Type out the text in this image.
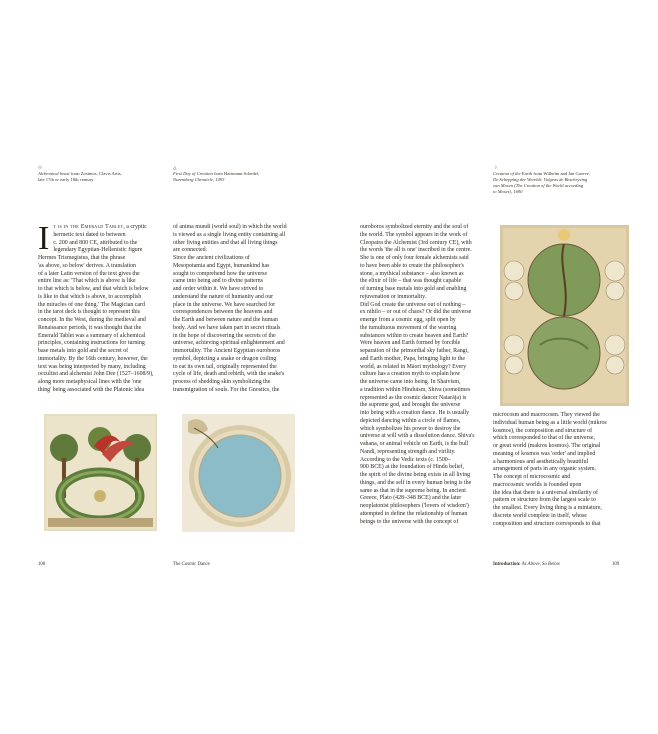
☉
Alchemical beast from Zosimos, Clavis Artis,
late 17th or early 18th century
△
First Day of Creation from Hartmann Schedel,
Nuremberg Chronicle, 1493
☽
Creation of the Earth from Wilhelm and Jan Goeree,
De Schepping der Wereldt: Volgens de Beschryving
van Mosen (The Creation of the World according
to Moses), 1690
I t is in the Emerald Tablet, a cryptic
hermetic text dated to between
c. 200 and 800 CE, attributed to the
legendary Egyptian-Hellenistic figure
Hermes Trismegistus, that the phrase
'as above, so below' derives. A translation
of a later Latin version of the text gives the
entire line as: 'That which is above is like
to that which is below, and that which is below
is like to that which is above, to accomplish
the miracles of one thing.' The Magician card
in the tarot deck is thought to represent this
concept. In the West, during the medieval and
Renaissance periods, it was thought that the
Emerald Tablet was a summary of alchemical
principles, containing instructions for turning
base metals into gold and the secret of
immortality. By the 16th century, however, the
text was being interpreted by many, including
occultist and alchemist John Dee (1527–1608/9),
along more metaphysical lines with the 'one
thing' being associated with the Platonic idea
of anima mundi (world soul) in which the world
is viewed as a single living entity containing all
other living entities and that all living things
are connected.
Since the ancient civilizations of
Mesopotamia and Egypt, humankind has
sought to comprehend how the universe
came into being and to divine patterns
and order within it. We have strived to
understand the nature of humanity and our
place in the universe. We have searched for
correspondences between the heavens and
the Earth and between nature and the human
body. And we have taken part in secret rituals
in the hope of discovering the secrets of the
universe, achieving spiritual enlightenment and
immortality. The Ancient Egyptian ouroboros
symbol, depicting a snake or dragon coiling
to eat its own tail, originally represented the
cycle of life, death and rebirth, with the snake's
process of shedding skin symbolizing the
transmigration of souls. For the Gnostics, the
ouroboros symbolized eternity and the soul of
the world. The symbol appears in the work of
Cleopatra the Alchemist (3rd century CE), with
the words 'the all is one' inscribed in the centre.
She is one of only four female alchemists said
to have been able to create the philosopher's
stone, a mythical substance – also known as
the elixir of life – that was thought capable
of turning base metals into gold and enabling
rejuvenation or immortality.
Did God create the universe out of nothing –
ex nihilo – or out of chaos? Or did the universe
emerge from a cosmic egg, split open by
the tumultuous movement of the warring
substances within to create heaven and Earth?
Were heaven and Earth formed by forcible
separation of the primordial sky father, Rangi,
and Earth mother, Papa, bringing light to the
world, as related in Māori mythology? Every
culture has a creation myth to explain how
the universe came into being. In Shaivism,
a tradition within Hinduism, Shiva (sometimes
represented as the cosmic dancer Natarāja) is
the supreme god, and brought the universe
into being with a creation dance. He is usually
depicted dancing within a circle of flames,
which symbolizes his power to destroy the
universe at will with a dissolution dance. Shiva's
vahana, or animal vehicle on Earth, is the bull
Nandi, representing strength and virility.
According to the Vedic texts (c. 1500–
900 BCE) at the foundation of Hindu belief,
the spirit of the divine being exists in all living
things, and the self in every human being is the
same as that in the supreme being. In ancient
Greece, Plato (428–348 BCE) and the later
neoplatonist philosophers ('lovers of wisdom')
attempted to define the relationship of human
beings to the universe with the concept of
microcosm and macrocosm. They viewed the
individual human being as a little world (mikros
kosmos), the composition and structure of
which corresponded to that of the universe,
or great world (makros kosmos). The original
meaning of kosmos was 'order' and implied
a harmonious and aesthetically beautiful
arrangement of parts in any organic system.
The concept of microcosmic and
macrocosmic worlds is founded upon
the idea that there is a universal similarity of
pattern or structure from the largest scale to
the smallest. Every living thing is a miniature,
discrete world complete in itself, whose
composition and structure corresponds to that
108	The Cosmic Dance	Introduction: As Above, So Below	109
